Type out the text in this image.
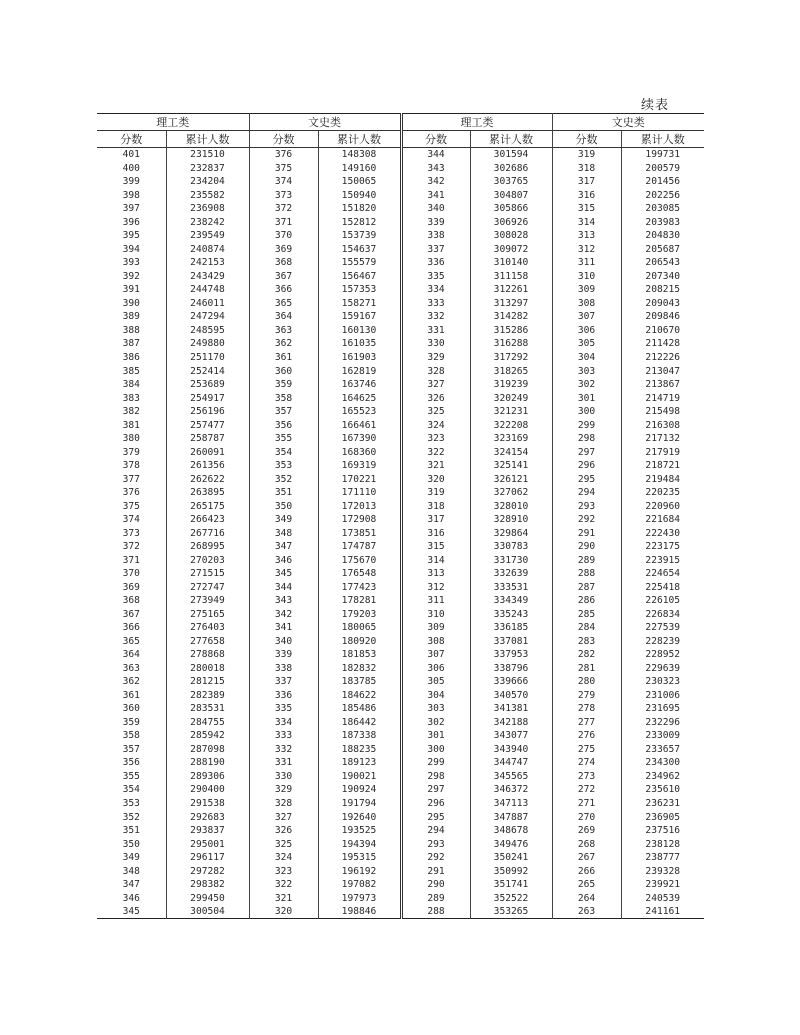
续表
理工类		文史类		理工类		文史类	
分数	累计人数	分数	累计人数	分数	累计人数	分数	累计人数
401	231510	376	148308	344	301594	319	199731
400	232837	375	149160	343	302686	318	200579
399	234204	374	150065	342	303765	317	201456
398	235582	373	150940	341	304807	316	202256
397	236908	372	151820	340	305866	315	203085
396	238242	371	152812	339	306926	314	203983
395	239549	370	153739	338	308028	313	204830
394	240874	369	154637	337	309072	312	205687
393	242153	368	155579	336	310140	311	206543
392	243429	367	156467	335	311158	310	207340
391	244748	366	157353	334	312261	309	208215
390	246011	365	158271	333	313297	308	209043
389	247294	364	159167	332	314282	307	209846
388	248595	363	160130	331	315286	306	210670
387	249880	362	161035	330	316288	305	211428
386	251170	361	161903	329	317292	304	212226
385	252414	360	162819	328	318265	303	213047
384	253689	359	163746	327	319239	302	213867
383	254917	358	164625	326	320249	301	214719
382	256196	357	165523	325	321231	300	215498
381	257477	356	166461	324	322208	299	216308
380	258787	355	167390	323	323169	298	217132
379	260091	354	168360	322	324154	297	217919
378	261356	353	169319	321	325141	296	218721
377	262622	352	170221	320	326121	295	219484
376	263895	351	171110	319	327062	294	220235
375	265175	350	172013	318	328010	293	220960
374	266423	349	172908	317	328910	292	221684
373	267716	348	173851	316	329864	291	222430
372	268995	347	174787	315	330783	290	223175
371	270203	346	175670	314	331730	289	223915
370	271515	345	176548	313	332639	288	224654
369	272747	344	177423	312	333531	287	225418
368	273949	343	178281	311	334349	286	226105
367	275165	342	179203	310	335243	285	226834
366	276403	341	180065	309	336185	284	227539
365	277658	340	180920	308	337081	283	228239
364	278868	339	181853	307	337953	282	228952
363	280018	338	182832	306	338796	281	229639
362	281215	337	183785	305	339666	280	230323
361	282389	336	184622	304	340570	279	231006
360	283531	335	185486	303	341381	278	231695
359	284755	334	186442	302	342188	277	232296
358	285942	333	187338	301	343077	276	233009
357	287098	332	188235	300	343940	275	233657
356	288190	331	189123	299	344747	274	234300
355	289306	330	190021	298	345565	273	234962
354	290400	329	190924	297	346372	272	235610
353	291538	328	191794	296	347113	271	236231
352	292683	327	192640	295	347887	270	236905
351	293837	326	193525	294	348678	269	237516
350	295001	325	194394	293	349476	268	238128
349	296117	324	195315	292	350241	267	238777
348	297282	323	196192	291	350992	266	239328
347	298382	322	197082	290	351741	265	239921
346	299450	321	197973	289	352522	264	240539
345	300504	320	198846	288	353265	263	241161
